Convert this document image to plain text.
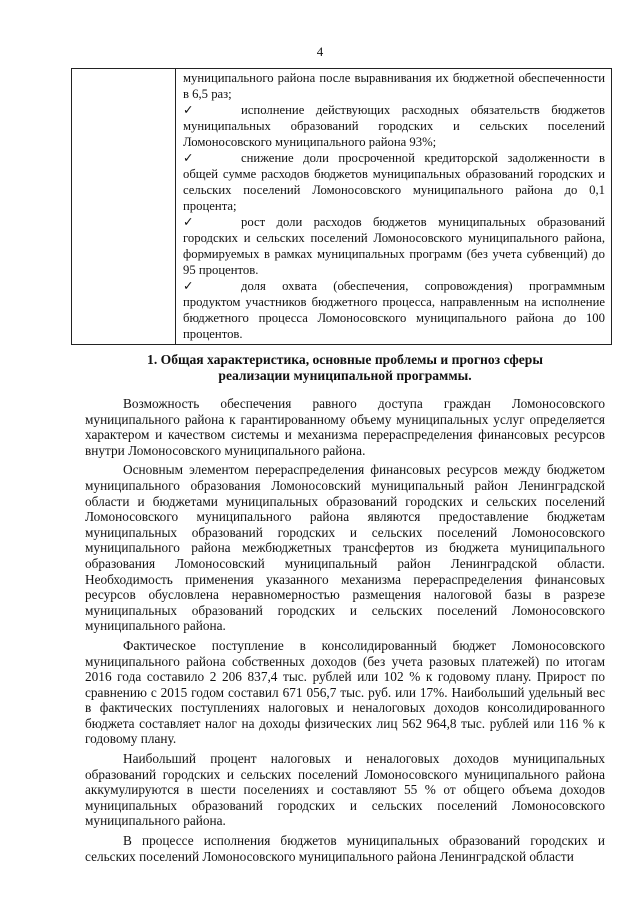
4

муниципального района после выравнивания их бюджетной обеспеченности в 6,5 раз;
✓	исполнение действующих расходных обязательств бюджетов муниципальных образований городских и сельских поселений Ломоносовского муниципального района 93%;
✓	снижение доли просроченной кредиторской задолженности в общей сумме расходов бюджетов муниципальных образований городских и сельских поселений Ломоносовского муниципального района до 0,1 процента;
✓	рост доли расходов бюджетов муниципальных образований городских и сельских поселений Ломоносовского муниципального района, формируемых в рамках муниципальных программ (без учета субвенций) до 95 процентов.
✓	доля охвата (обеспечения, сопровождения) программным продуктом участников бюджетного процесса, направленным на исполнение бюджетного процесса Ломоносовского муниципального района до 100 процентов.
1. Общая характеристика, основные проблемы и прогноз сферы реализации муниципальной программы.

Возможность обеспечения равного доступа граждан Ломоносовского муниципального района к гарантированному объему муниципальных услуг определяется характером и качеством системы и механизма перераспределения финансовых ресурсов внутри Ломоносовского муниципального района.

Основным элементом перераспределения финансовых ресурсов между бюджетом муниципального образования Ломоносовский муниципальный район Ленинградской области и бюджетами муниципальных образований городских и сельских поселений Ломоносовского муниципального района являются предоставление бюджетам муниципальных образований городских и сельских поселений Ломоносовского муниципального района межбюджетных трансфертов из бюджета муниципального образования Ломоносовский муниципальный район Ленинградской области. Необходимость применения указанного механизма перераспределения финансовых ресурсов обусловлена неравномерностью размещения налоговой базы в разрезе муниципальных образований городских и сельских поселений Ломоносовского муниципального района.

Фактическое поступление в консолидированный бюджет Ломоносовского муниципального района собственных доходов (без учета разовых платежей) по итогам 2016 года составило 2 206 837,4 тыс. рублей или 102 % к годовому плану. Прирост по сравнению с 2015 годом составил 671 056,7 тыс. руб. или 17%. Наибольший удельный вес в фактических поступлениях налоговых и неналоговых доходов консолидированного бюджета составляет налог на доходы физических лиц 562 964,8 тыс. рублей или 116 % к годовому плану.

Наибольший процент налоговых и неналоговых доходов муниципальных образований городских и сельских поселений Ломоносовского муниципального района аккумулируются в шести поселениях и составляют 55 % от общего объема доходов муниципальных образований городских и сельских поселений Ломоносовского муниципального района.

В процессе исполнения бюджетов муниципальных образований городских и сельских поселений Ломоносовского муниципального района Ленинградской области
